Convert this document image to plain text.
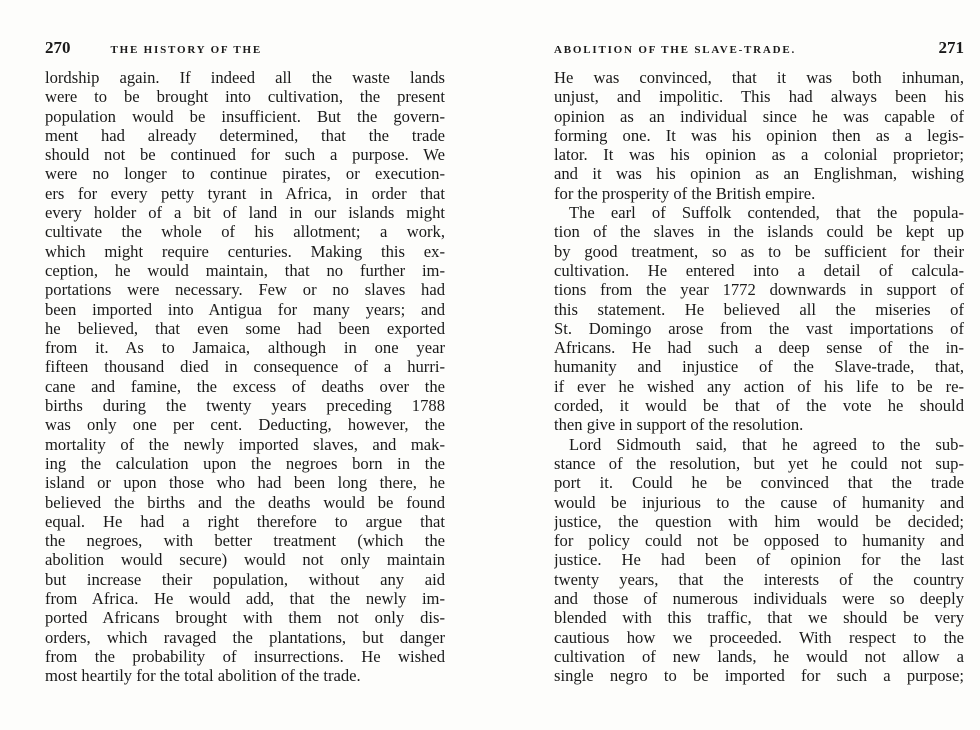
270	THE HISTORY OF THE
lordship again. If indeed all the waste lands
were to be brought into cultivation, the present
population would be insufficient. But the govern-
ment had already determined, that the trade
should not be continued for such a purpose. We
were no longer to continue pirates, or execution-
ers for every petty tyrant in Africa, in order that
every holder of a bit of land in our islands might
cultivate the whole of his allotment; a work,
which might require centuries. Making this ex-
ception, he would maintain, that no further im-
portations were necessary. Few or no slaves had
been imported into Antigua for many years; and
he believed, that even some had been exported
from it. As to Jamaica, although in one year
fifteen thousand died in consequence of a hurri-
cane and famine, the excess of deaths over the
births during the twenty years preceding 1788
was only one per cent. Deducting, however, the
mortality of the newly imported slaves, and mak-
ing the calculation upon the negroes born in the
island or upon those who had been long there, he
believed the births and the deaths would be found
equal. He had a right therefore to argue that
the negroes, with better treatment (which the
abolition would secure) would not only maintain
but increase their population, without any aid
from Africa. He would add, that the newly im-
ported Africans brought with them not only dis-
orders, which ravaged the plantations, but danger
from the probability of insurrections. He wished
most heartily for the total abolition of the trade.
ABOLITION OF THE SLAVE-TRADE.	271
He was convinced, that it was both inhuman,
unjust, and impolitic. This had always been his
opinion as an individual since he was capable of
forming one. It was his opinion then as a legis-
lator. It was his opinion as a colonial proprietor;
and it was his opinion as an Englishman, wishing
for the prosperity of the British empire.
The earl of Suffolk contended, that the popula-
tion of the slaves in the islands could be kept up
by good treatment, so as to be sufficient for their
cultivation. He entered into a detail of calcula-
tions from the year 1772 downwards in support of
this statement. He believed all the miseries of
St. Domingo arose from the vast importations of
Africans. He had such a deep sense of the in-
humanity and injustice of the Slave-trade, that,
if ever he wished any action of his life to be re-
corded, it would be that of the vote he should
then give in support of the resolution.
Lord Sidmouth said, that he agreed to the sub-
stance of the resolution, but yet he could not sup-
port it. Could he be convinced that the trade
would be injurious to the cause of humanity and
justice, the question with him would be decided;
for policy could not be opposed to humanity and
justice. He had been of opinion for the last
twenty years, that the interests of the country
and those of numerous individuals were so deeply
blended with this traffic, that we should be very
cautious how we proceeded. With respect to the
cultivation of new lands, he would not allow a
single negro to be imported for such a purpose;
